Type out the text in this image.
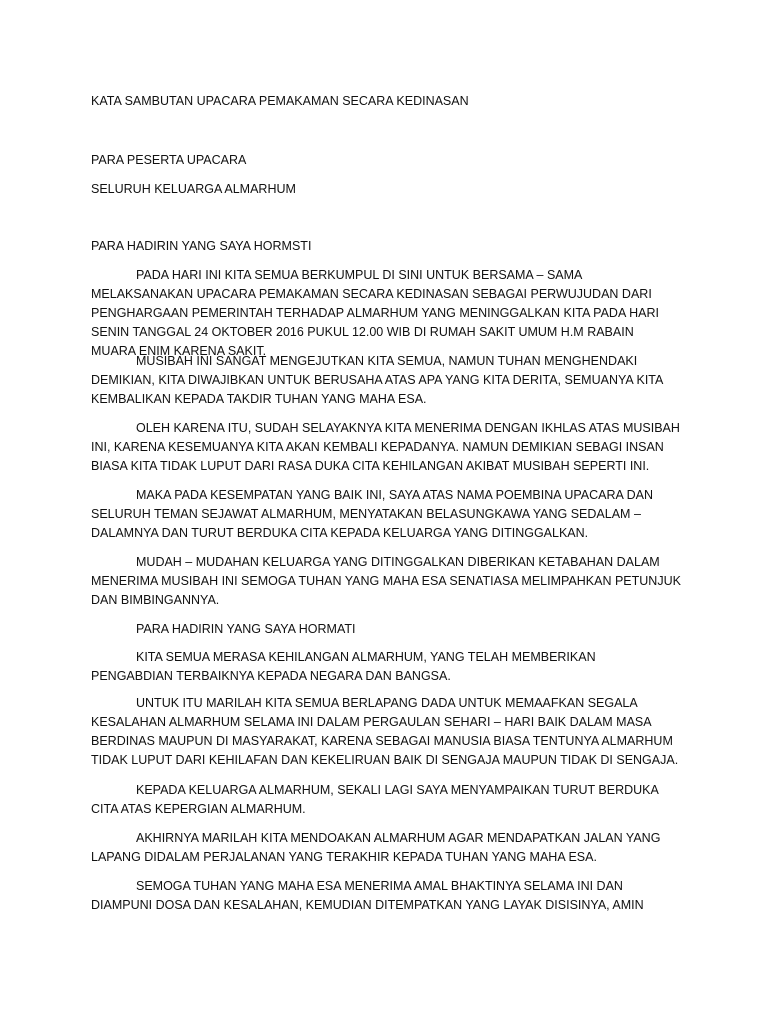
KATA SAMBUTAN UPACARA PEMAKAMAN SECARA KEDINASAN

PARA PESERTA UPACARA

SELURUH KELUARGA ALMARHUM

PARA HADIRIN YANG SAYA HORMSTI

PADA HARI INI KITA SEMUA BERKUMPUL DI SINI UNTUK BERSAMA – SAMA MELAKSANAKAN UPACARA PEMAKAMAN SECARA KEDINASAN SEBAGAI PERWUJUDAN DARI PENGHARGAAN PEMERINTAH TERHADAP ALMARHUM YANG MENINGGALKAN KITA PADA HARI SENIN TANGGAL 24 OKTOBER 2016 PUKUL 12.00 WIB DI RUMAH SAKIT UMUM H.M RABAIN MUARA ENIM KARENA SAKIT.

MUSIBAH INI SANGAT MENGEJUTKAN KITA SEMUA, NAMUN TUHAN MENGHENDAKI DEMIKIAN, KITA DIWAJIBKAN UNTUK BERUSAHA ATAS APA YANG KITA DERITA, SEMUANYA KITA KEMBALIKAN KEPADA TAKDIR TUHAN YANG MAHA ESA.

OLEH KARENA ITU, SUDAH SELAYAKNYA KITA MENERIMA DENGAN IKHLAS ATAS MUSIBAH INI, KARENA KESEMUANYA KITA AKAN KEMBALI KEPADANYA. NAMUN DEMIKIAN SEBAGI INSAN BIASA KITA TIDAK LUPUT DARI RASA DUKA CITA KEHILANGAN AKIBAT MUSIBAH SEPERTI INI.

MAKA PADA KESEMPATAN YANG BAIK INI, SAYA ATAS NAMA POEMBINA UPACARA DAN SELURUH TEMAN SEJAWAT ALMARHUM, MENYATAKAN BELASUNGKAWA YANG SEDALAM – DALAMNYA DAN TURUT BERDUKA CITA KEPADA KELUARGA YANG DITINGGALKAN.

MUDAH – MUDAHAN KELUARGA YANG DITINGGALKAN DIBERIKAN KETABAHAN DALAM MENERIMA MUSIBAH INI SEMOGA TUHAN YANG MAHA ESA SENATIASA MELIMPAHKAN PETUNJUK DAN BIMBINGANNYA.

PARA HADIRIN YANG SAYA HORMATI

KITA SEMUA MERASA KEHILANGAN ALMARHUM, YANG TELAH MEMBERIKAN PENGABDIAN TERBAIKNYA KEPADA NEGARA DAN BANGSA.

UNTUK ITU MARILAH KITA SEMUA BERLAPANG DADA UNTUK MEMAAFKAN SEGALA KESALAHAN ALMARHUM SELAMA INI DALAM PERGAULAN SEHARI – HARI BAIK DALAM MASA BERDINAS MAUPUN DI MASYARAKAT, KARENA SEBAGAI MANUSIA BIASA TENTUNYA ALMARHUM TIDAK LUPUT DARI KEHILAFAN DAN KEKELIRUAN BAIK DI SENGAJA MAUPUN TIDAK DI SENGAJA.

KEPADA KELUARGA ALMARHUM, SEKALI LAGI SAYA MENYAMPAIKAN TURUT BERDUKA CITA ATAS KEPERGIAN ALMARHUM.

AKHIRNYA MARILAH KITA MENDOAKAN ALMARHUM AGAR MENDAPATKAN JALAN YANG LAPANG DIDALAM PERJALANAN YANG TERAKHIR KEPADA TUHAN YANG MAHA ESA.

SEMOGA TUHAN YANG MAHA ESA MENERIMA AMAL BHAKTINYA SELAMA INI DAN DIAMPUNI DOSA DAN KESALAHAN, KEMUDIAN DITEMPATKAN YANG LAYAK DISISINYA, AMIN
